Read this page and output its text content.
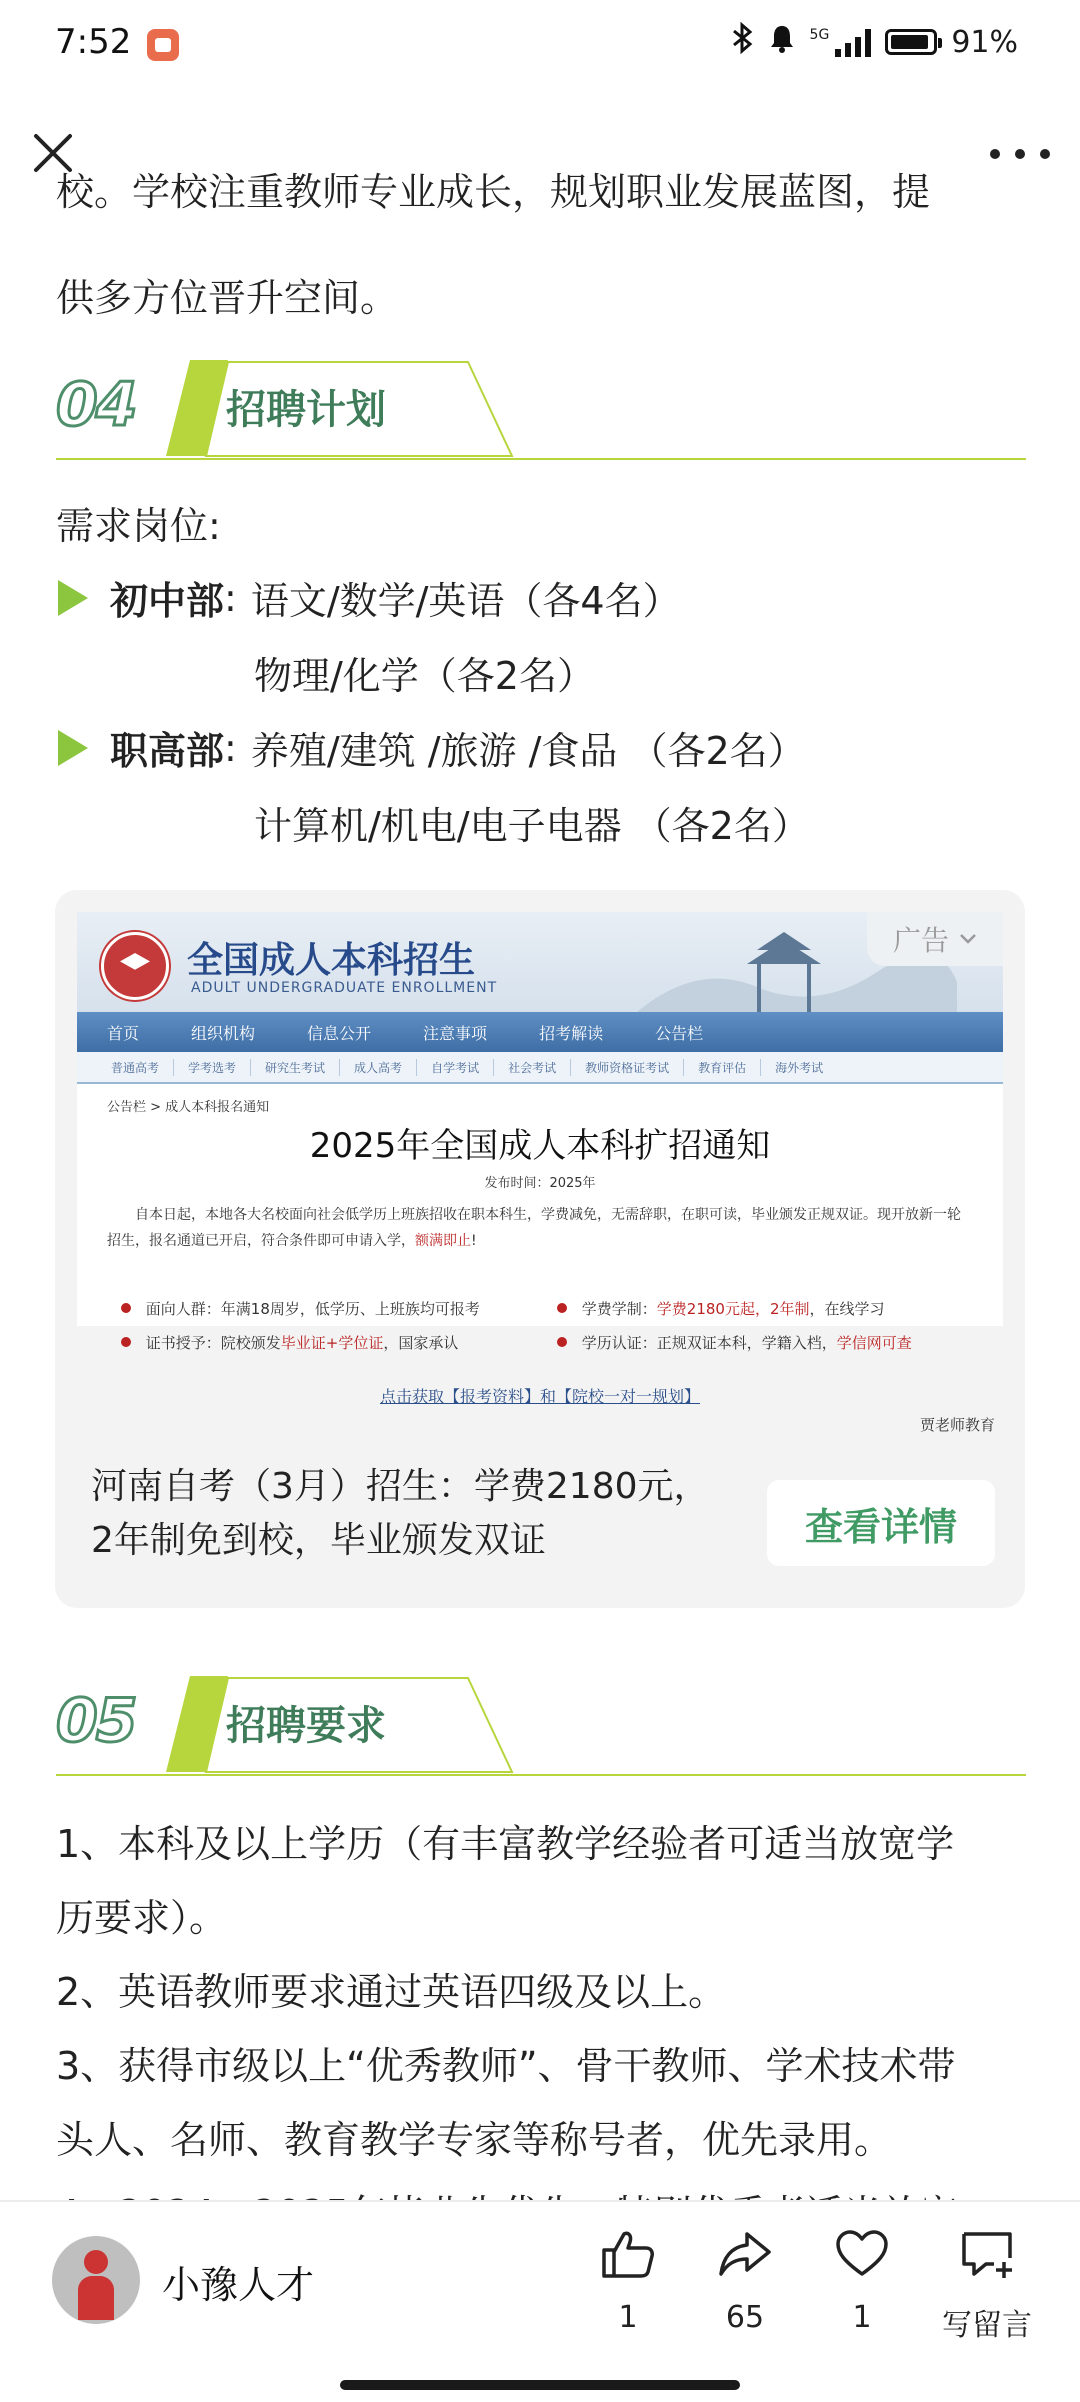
7:52	5G	91%
校。学校注重教师专业成长，规划职业发展蓝图，提
供多方位晋升空间。
04 招聘计划
需求岗位:
初中部 : 语文/数学/英语（各4名）
物理/化学（各2名）
职高部 : 养殖/建筑 /旅游 /食品 （各2名）
计算机/机电/电子电器 （各2名）
全国成人本科招生
ADULT UNDERGRADUATE ENROLLMENT
广告
首页	组织机构	信息公开	注意事项	招考解读	公告栏
普通高考	学考选考	研究生考试	成人高考	自学考试	社会考试	教师资格证考试	教育评估	海外考试
公告栏 > 成人本科报名通知
2025年全国成人本科扩招通知
发布时间：2025年
自本日起，本地各大名校面向社会低学历上班族招收在职本科生，学费减免，无需辞职，在职可读，毕业颁发正规双证。现开放新一轮招生，报名通道已开启，符合条件即可申请入学，额满即止!
面向人群：年满18周岁，低学历、上班族均可报考	学费学制：学费2180元起，2年制，在线学习
证书授予：院校颁发毕业证+学位证，国家承认	学历认证：正规双证本科，学籍入档，学信网可查
点击获取【报考资料】和【院校一对一规划】
贾老师教育
河南自考（3月）招生：学费2180元，2年制免到校，毕业颁发双证	查看详情
05 招聘要求
1、本科及以上学历（有丰富教学经验者可适当放宽学
历要求）。
2、英语教师要求通过英语四级及以上。
3、获得市级以上“优秀教师”、骨干教师、学术技术带
头人、名师、教育教学专家等称号者，优先录用。
小豫人才
1	65	1	写留言
